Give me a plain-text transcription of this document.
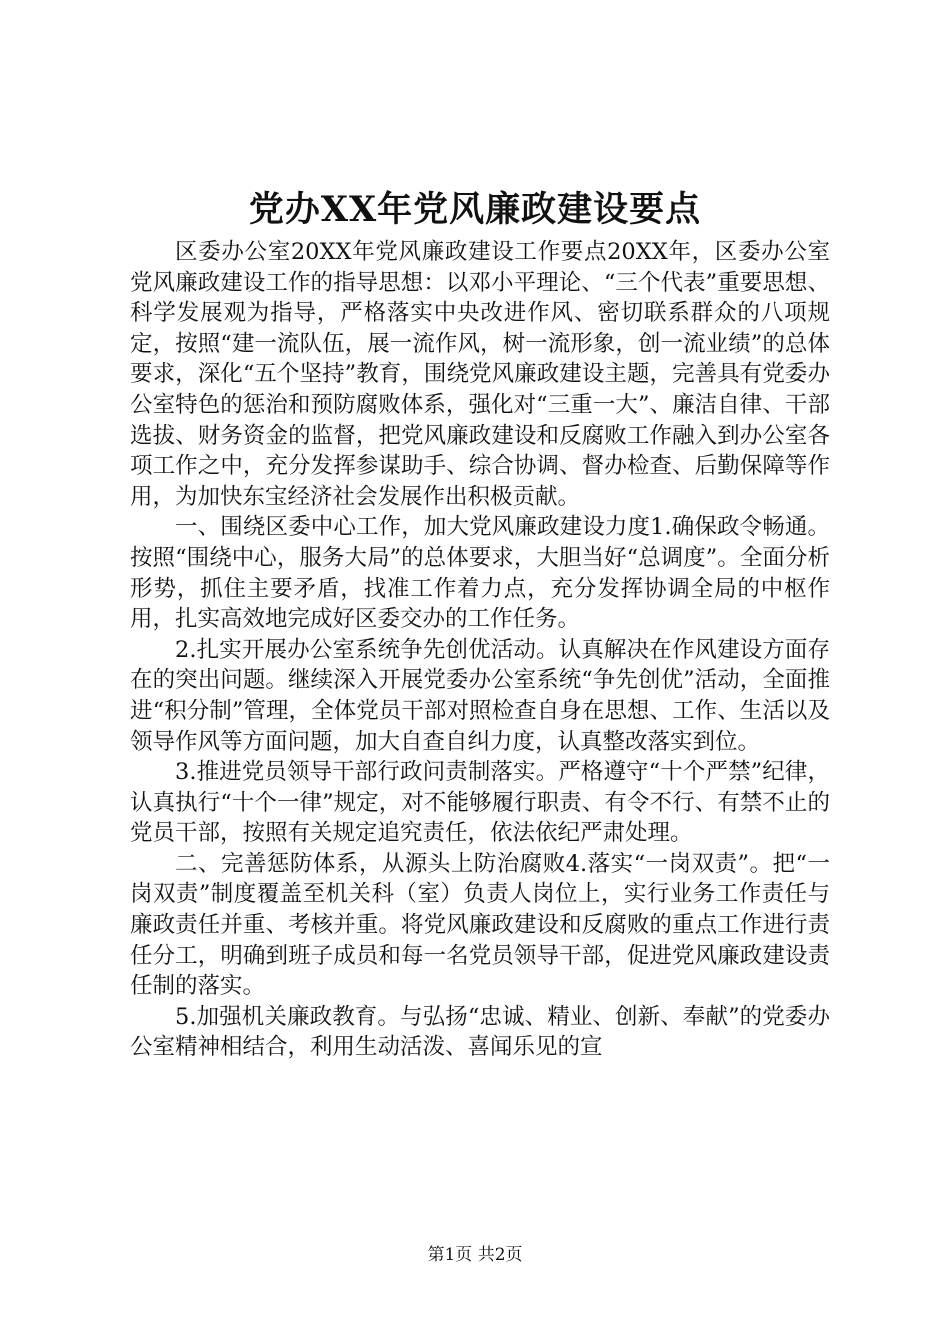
党办XX年党风廉政建设要点

区委办公室20XX年党风廉政建设工作要点20XX年，区委办公室党风廉政建设工作的指导思想：以邓小平理论、“三个代表”重要思想、科学发展观为指导，严格落实中央改进作风、密切联系群众的八项规定，按照“建一流队伍，展一流作风，树一流形象，创一流业绩”的总体要求，深化“五个坚持”教育，围绕党风廉政建设主题，完善具有党委办公室特色的惩治和预防腐败体系，强化对“三重一大”、廉洁自律、干部选拔、财务资金的监督，把党风廉政建设和反腐败工作融入到办公室各项工作之中，充分发挥参谋助手、综合协调、督办检查、后勤保障等作用，为加快东宝经济社会发展作出积极贡献。

一、围绕区委中心工作，加大党风廉政建设力度1.确保政令畅通。按照“围绕中心，服务大局”的总体要求，大胆当好“总调度”。全面分析形势，抓住主要矛盾，找准工作着力点，充分发挥协调全局的中枢作用，扎实高效地完成好区委交办的工作任务。

2.扎实开展办公室系统争先创优活动。认真解决在作风建设方面存在的突出问题。继续深入开展党委办公室系统“争先创优”活动，全面推进“积分制”管理，全体党员干部对照检查自身在思想、工作、生活以及领导作风等方面问题，加大自查自纠力度，认真整改落实到位。

3.推进党员领导干部行政问责制落实。严格遵守“十个严禁”纪律，认真执行“十个一律”规定，对不能够履行职责、有令不行、有禁不止的党员干部，按照有关规定追究责任，依法依纪严肃处理。

二、完善惩防体系，从源头上防治腐败4.落实“一岗双责”。把“一岗双责”制度覆盖至机关科（室）负责人岗位上，实行业务工作责任与廉政责任并重、考核并重。将党风廉政建设和反腐败的重点工作进行责任分工，明确到班子成员和每一名党员领导干部，促进党风廉政建设责任制的落实。

5.加强机关廉政教育。与弘扬“忠诚、精业、创新、奉献”的党委办公室精神相结合，利用生动活泼、喜闻乐见的宣

第1页 共2页
